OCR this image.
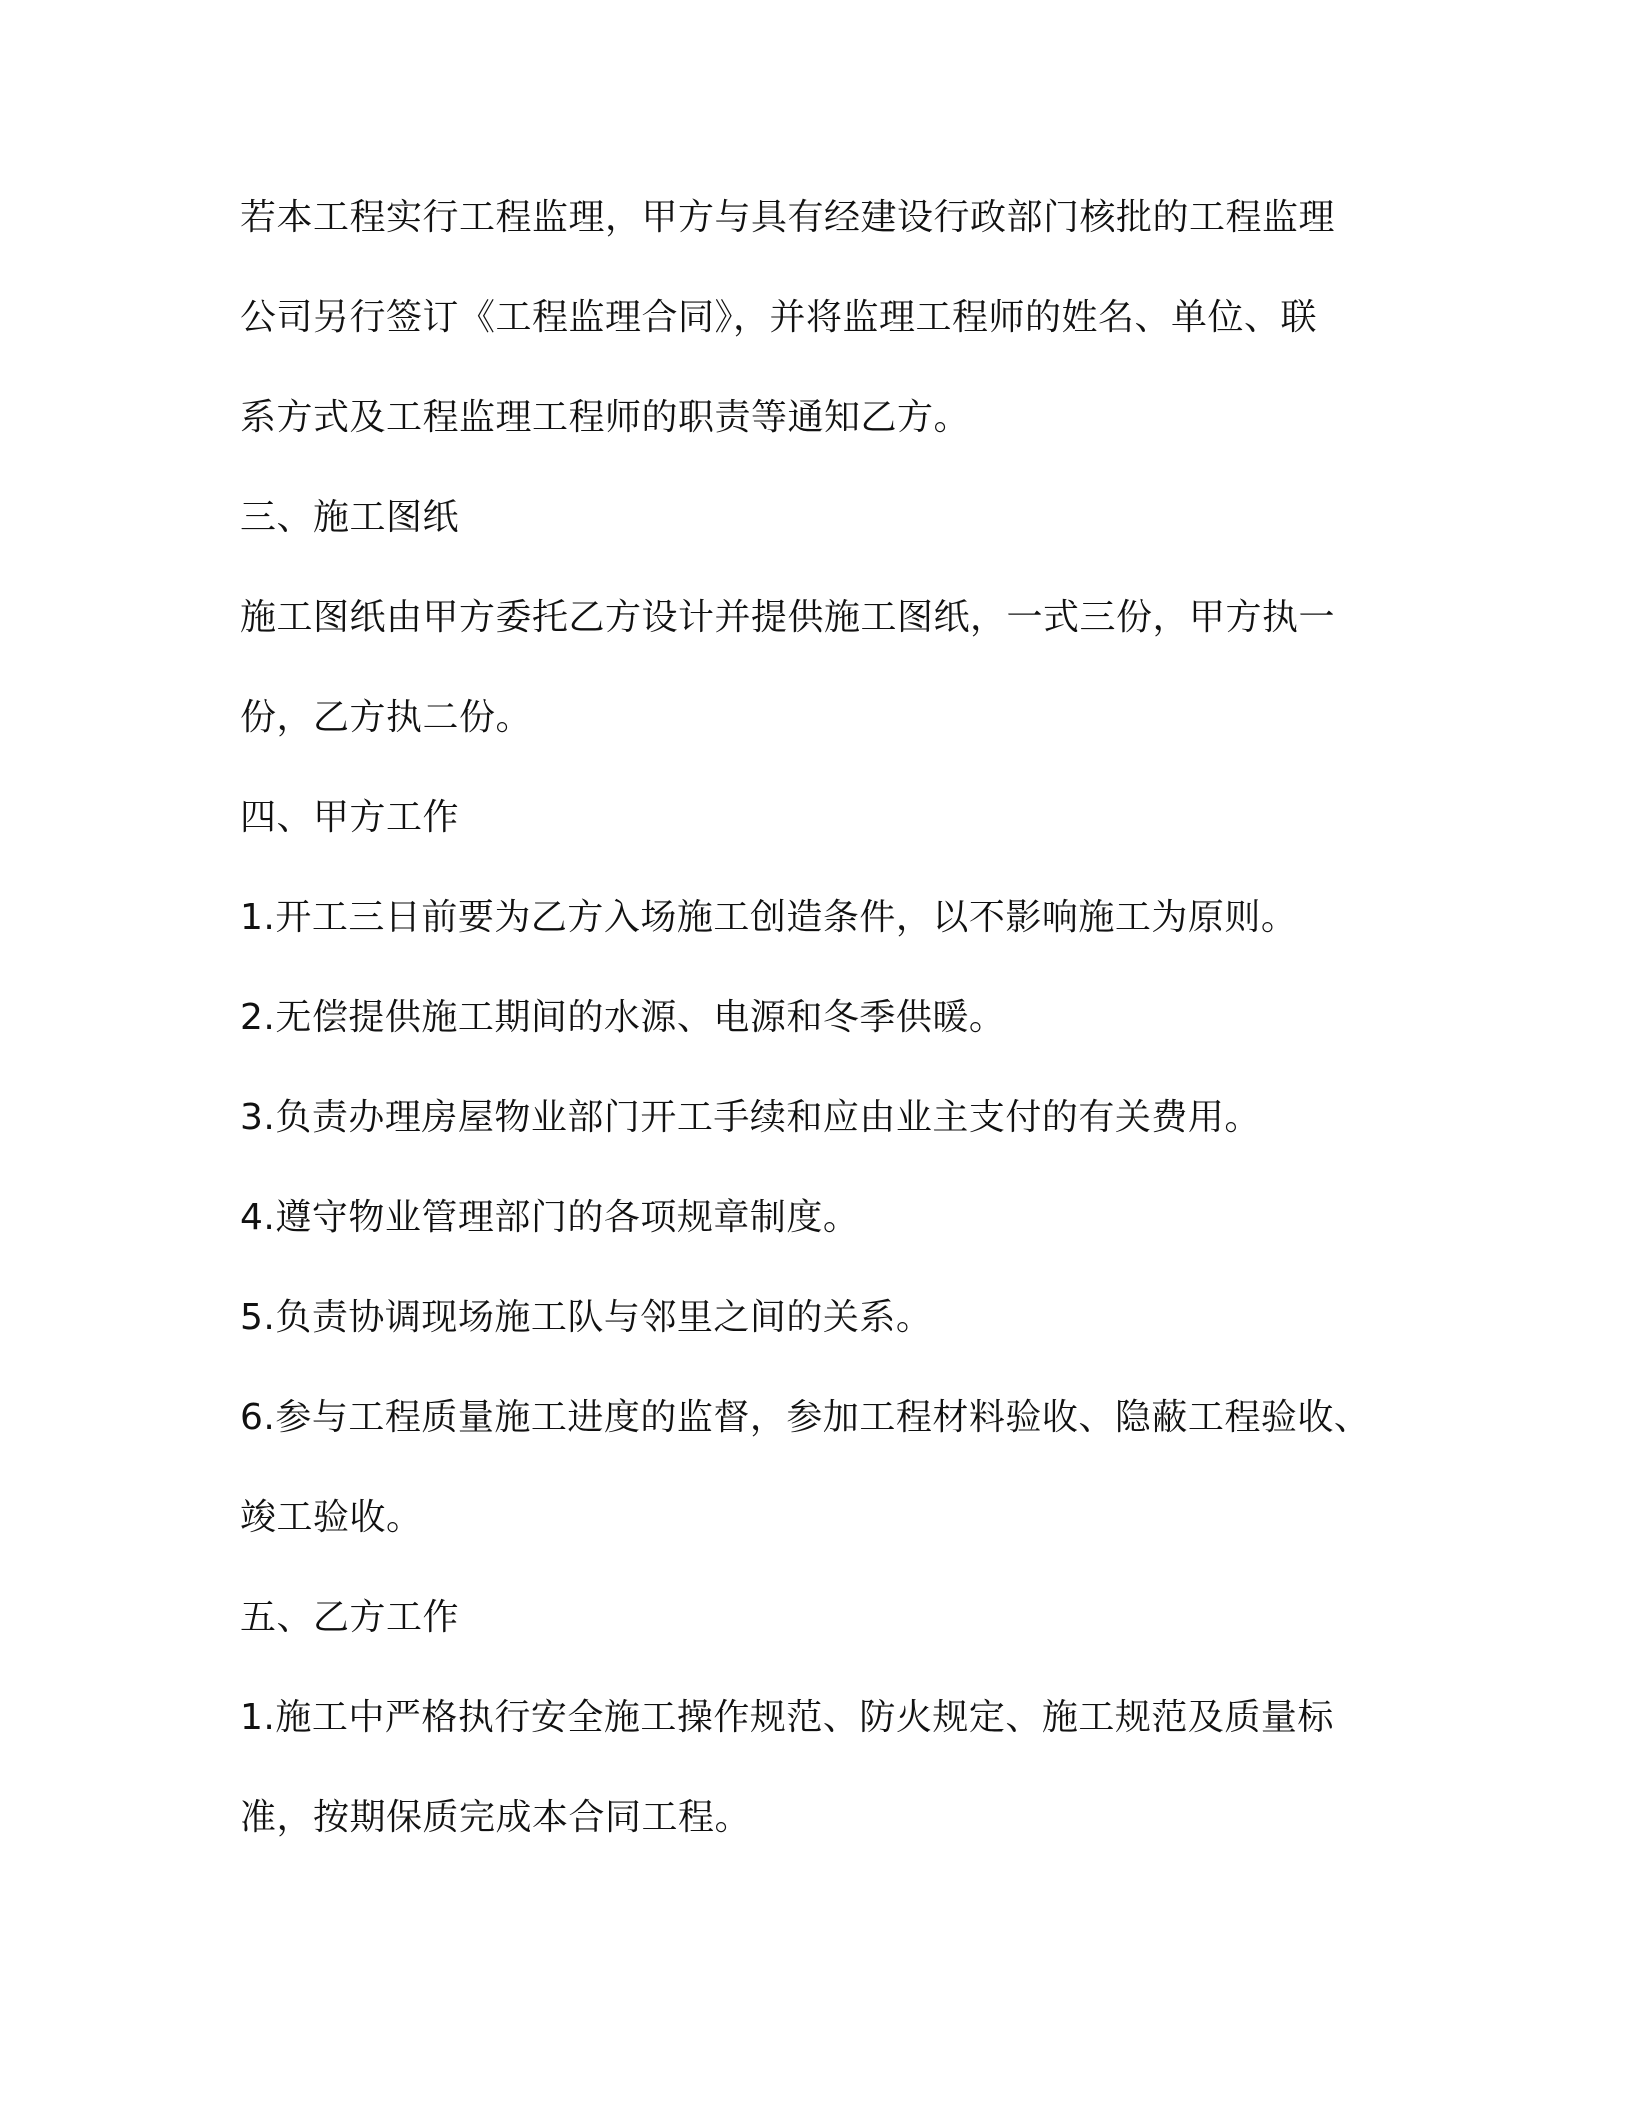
若本工程实行工程监理，甲方与具有经建设行政部门核批的工程监理
公司另行签订《工程监理合同》，并将监理工程师的姓名、单位、联
系方式及工程监理工程师的职责等通知乙方。
三、施工图纸
施工图纸由甲方委托乙方设计并提供施工图纸，一式三份，甲方执一
份，乙方执二份。
四、甲方工作
1.开工三日前要为乙方入场施工创造条件，以不影响施工为原则。
2.无偿提供施工期间的水源、电源和冬季供暖。
3.负责办理房屋物业部门开工手续和应由业主支付的有关费用。
4.遵守物业管理部门的各项规章制度。
5.负责协调现场施工队与邻里之间的关系。
6.参与工程质量施工进度的监督，参加工程材料验收、隐蔽工程验收、
竣工验收。
五、乙方工作
1.施工中严格执行安全施工操作规范、防火规定、施工规范及质量标
准，按期保质完成本合同工程。
